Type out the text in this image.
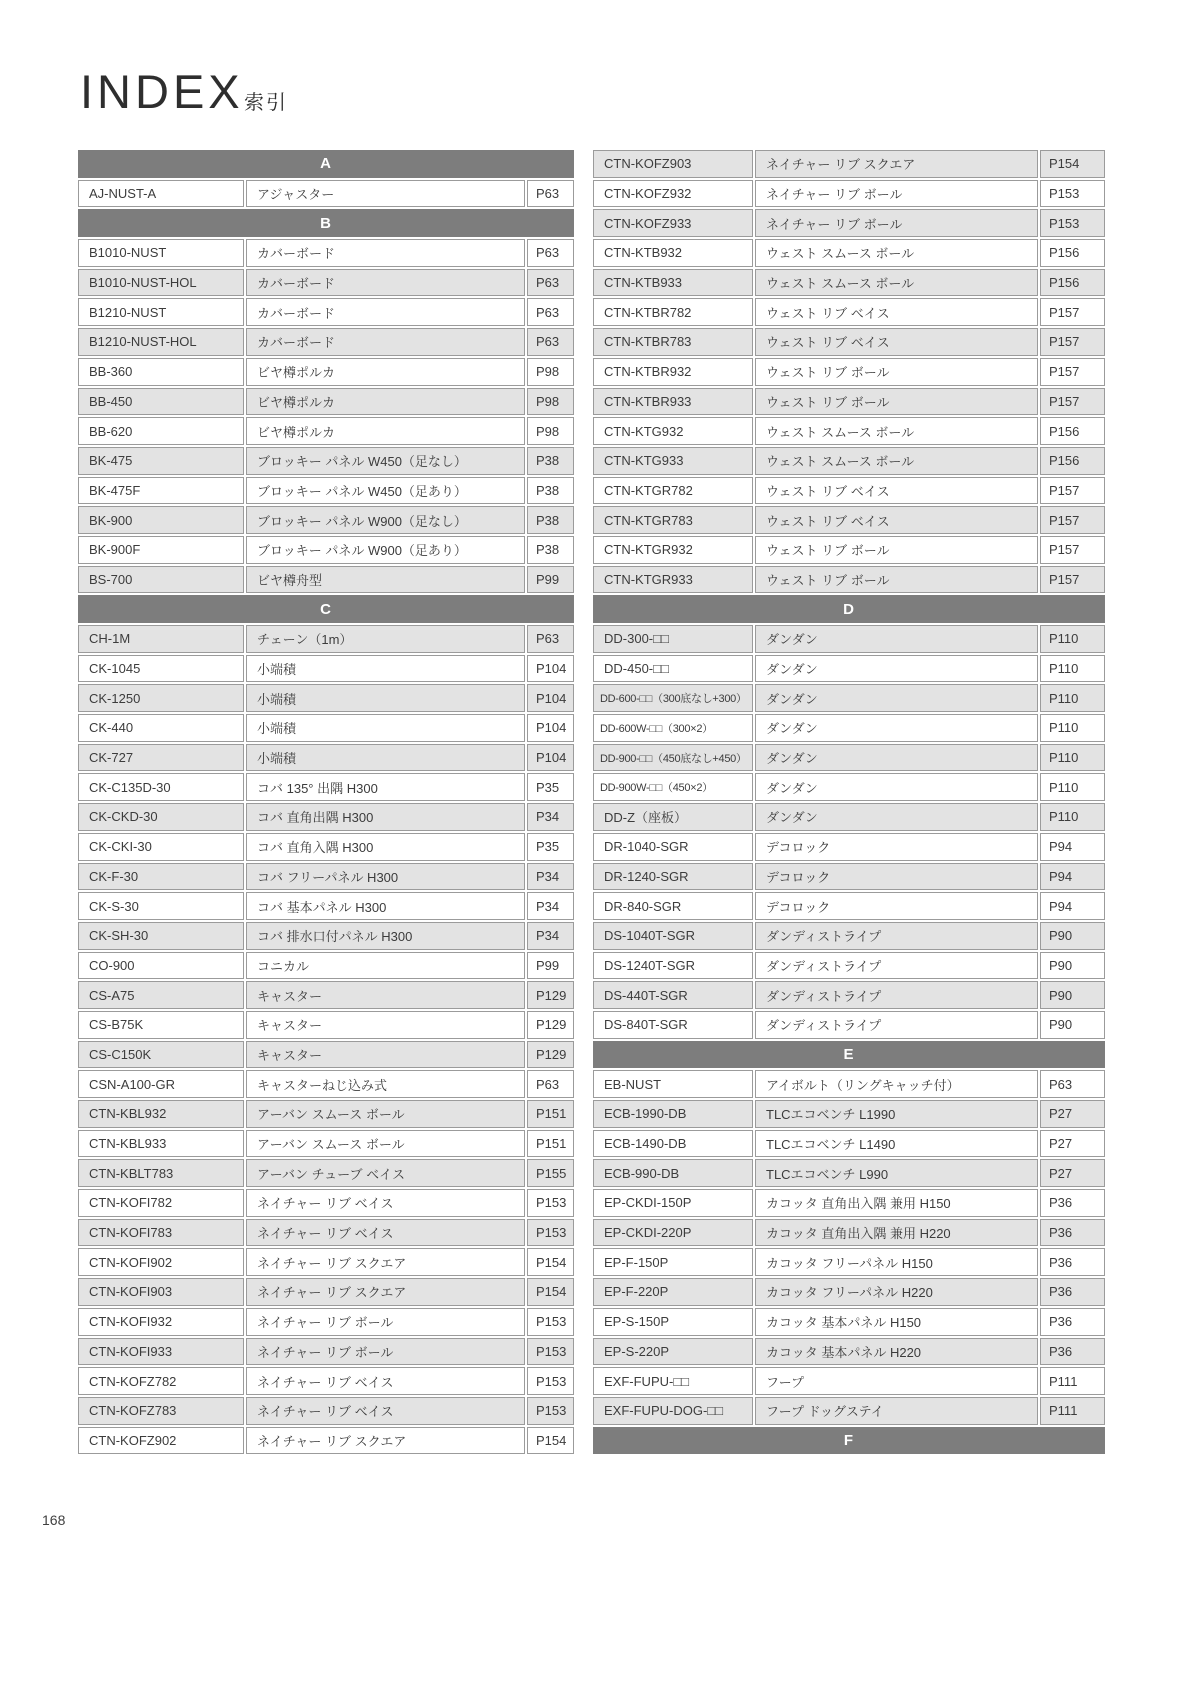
INDEX 索引
A
AJ-NUST-A	アジャスター	P63
B
B1010-NUST	カバーボード	P63
B1010-NUST-HOL	カバーボード	P63
B1210-NUST	カバーボード	P63
B1210-NUST-HOL	カバーボード	P63
BB-360	ビヤ樽ポルカ	P98
BB-450	ビヤ樽ポルカ	P98
BB-620	ビヤ樽ポルカ	P98
BK-475	ブロッキー パネル W450（足なし）	P38
BK-475F	ブロッキー パネル W450（足あり）	P38
BK-900	ブロッキー パネル W900（足なし）	P38
BK-900F	ブロッキー パネル W900（足あり）	P38
BS-700	ビヤ樽舟型	P99
C
CH-1M	チェーン（1m）	P63
CK-1045	小端積	P104
CK-1250	小端積	P104
CK-440	小端積	P104
CK-727	小端積	P104
CK-C135D-30	コバ 135° 出隅 H300	P35
CK-CKD-30	コバ 直角出隅 H300	P34
CK-CKI-30	コバ 直角入隅 H300	P35
CK-F-30	コバ フリーパネル H300	P34
CK-S-30	コバ 基本パネル H300	P34
CK-SH-30	コバ 排水口付パネル H300	P34
CO-900	コニカル	P99
CS-A75	キャスター	P129
CS-B75K	キャスター	P129
CS-C150K	キャスター	P129
CSN-A100-GR	キャスターねじ込み式	P63
CTN-KBL932	アーバン スムース ボール	P151
CTN-KBL933	アーバン スムース ボール	P151
CTN-KBLT783	アーバン チューブ ベイス	P155
CTN-KOFI782	ネイチャー リブ ベイス	P153
CTN-KOFI783	ネイチャー リブ ベイス	P153
CTN-KOFI902	ネイチャー リブ スクエア	P154
CTN-KOFI903	ネイチャー リブ スクエア	P154
CTN-KOFI932	ネイチャー リブ ボール	P153
CTN-KOFI933	ネイチャー リブ ボール	P153
CTN-KOFZ782	ネイチャー リブ ベイス	P153
CTN-KOFZ783	ネイチャー リブ ベイス	P153
CTN-KOFZ902	ネイチャー リブ スクエア	P154
CTN-KOFZ903	ネイチャー リブ スクエア	P154
CTN-KOFZ932	ネイチャー リブ ボール	P153
CTN-KOFZ933	ネイチャー リブ ボール	P153
CTN-KTB932	ウェスト スムース ボール	P156
CTN-KTB933	ウェスト スムース ボール	P156
CTN-KTBR782	ウェスト リブ ベイス	P157
CTN-KTBR783	ウェスト リブ ベイス	P157
CTN-KTBR932	ウェスト リブ ボール	P157
CTN-KTBR933	ウェスト リブ ボール	P157
CTN-KTG932	ウェスト スムース ボール	P156
CTN-KTG933	ウェスト スムース ボール	P156
CTN-KTGR782	ウェスト リブ ベイス	P157
CTN-KTGR783	ウェスト リブ ベイス	P157
CTN-KTGR932	ウェスト リブ ボール	P157
CTN-KTGR933	ウェスト リブ ボール	P157
D
DD-300-□□	ダンダン	P110
DD-450-□□	ダンダン	P110
DD-600-□□（300底なし+300）	ダンダン	P110
DD-600W-□□（300×2）	ダンダン	P110
DD-900-□□（450底なし+450）	ダンダン	P110
DD-900W-□□（450×2）	ダンダン	P110
DD-Z（座板）	ダンダン	P110
DR-1040-SGR	デコロック	P94
DR-1240-SGR	デコロック	P94
DR-840-SGR	デコロック	P94
DS-1040T-SGR	ダンディストライプ	P90
DS-1240T-SGR	ダンディストライプ	P90
DS-440T-SGR	ダンディストライプ	P90
DS-840T-SGR	ダンディストライプ	P90
E
EB-NUST	アイボルト（リングキャッチ付）	P63
ECB-1990-DB	TLCエコベンチ L1990	P27
ECB-1490-DB	TLCエコベンチ L1490	P27
ECB-990-DB	TLCエコベンチ L990	P27
EP-CKDI-150P	カコッタ 直角出入隅 兼用 H150	P36
EP-CKDI-220P	カコッタ 直角出入隅 兼用 H220	P36
EP-F-150P	カコッタ フリーパネル H150	P36
EP-F-220P	カコッタ フリーパネル H220	P36
EP-S-150P	カコッタ 基本パネル H150	P36
EP-S-220P	カコッタ 基本パネル H220	P36
EXF-FUPU-□□	フープ	P111
EXF-FUPU-DOG-□□	フープ ドッグステイ	P111
F
168
